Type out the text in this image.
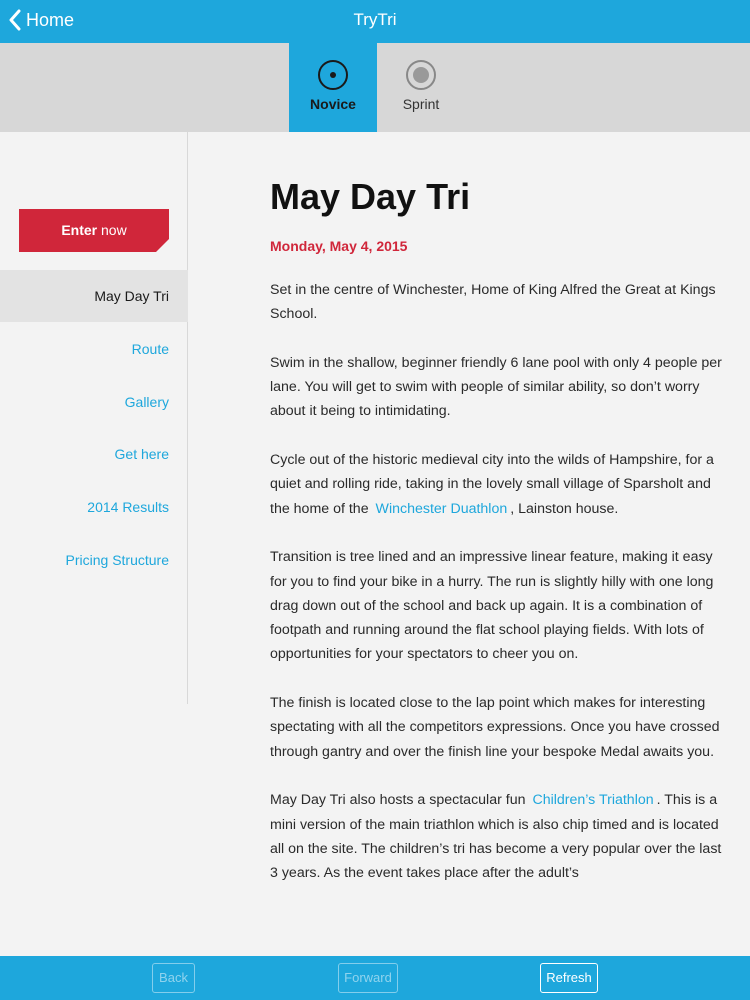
Home	TryTri
Novice	Sprint
Enter now
May Day Tri
Route
Gallery
Get here
2014 Results
Pricing Structure
May Day Tri
Monday, May 4, 2015

Set in the centre of Winchester, Home of King Alfred the Great at Kings School.

Swim in the shallow, beginner friendly 6 lane pool with only 4 people per lane. You will get to swim with people of similar ability, so don’t worry about it being to intimidating.

Cycle out of the historic medieval city into the wilds of Hampshire, for a quiet and rolling ride, taking in the lovely small village of Sparsholt and the home of the Winchester Duathlon , Lainston house.

Transition is tree lined and an impressive linear feature, making it easy for you to find your bike in a hurry. The run is slightly hilly with one long drag down out of the school and back up again. It is a combination of footpath and running around the flat school playing fields. With lots of opportunities for your spectators to cheer you on.

The finish is located close to the lap point which makes for interesting spectating with all the competitors expressions. Once you have crossed through gantry and over the finish line your bespoke Medal awaits you.

May Day Tri also hosts a spectacular fun Children’s Triathlon . This is a mini version of the main triathlon which is also chip timed and is located all on the site. The children’s tri has become a very popular over the last 3 years. As the event takes place after the adult’s

Back	Forward	Refresh
